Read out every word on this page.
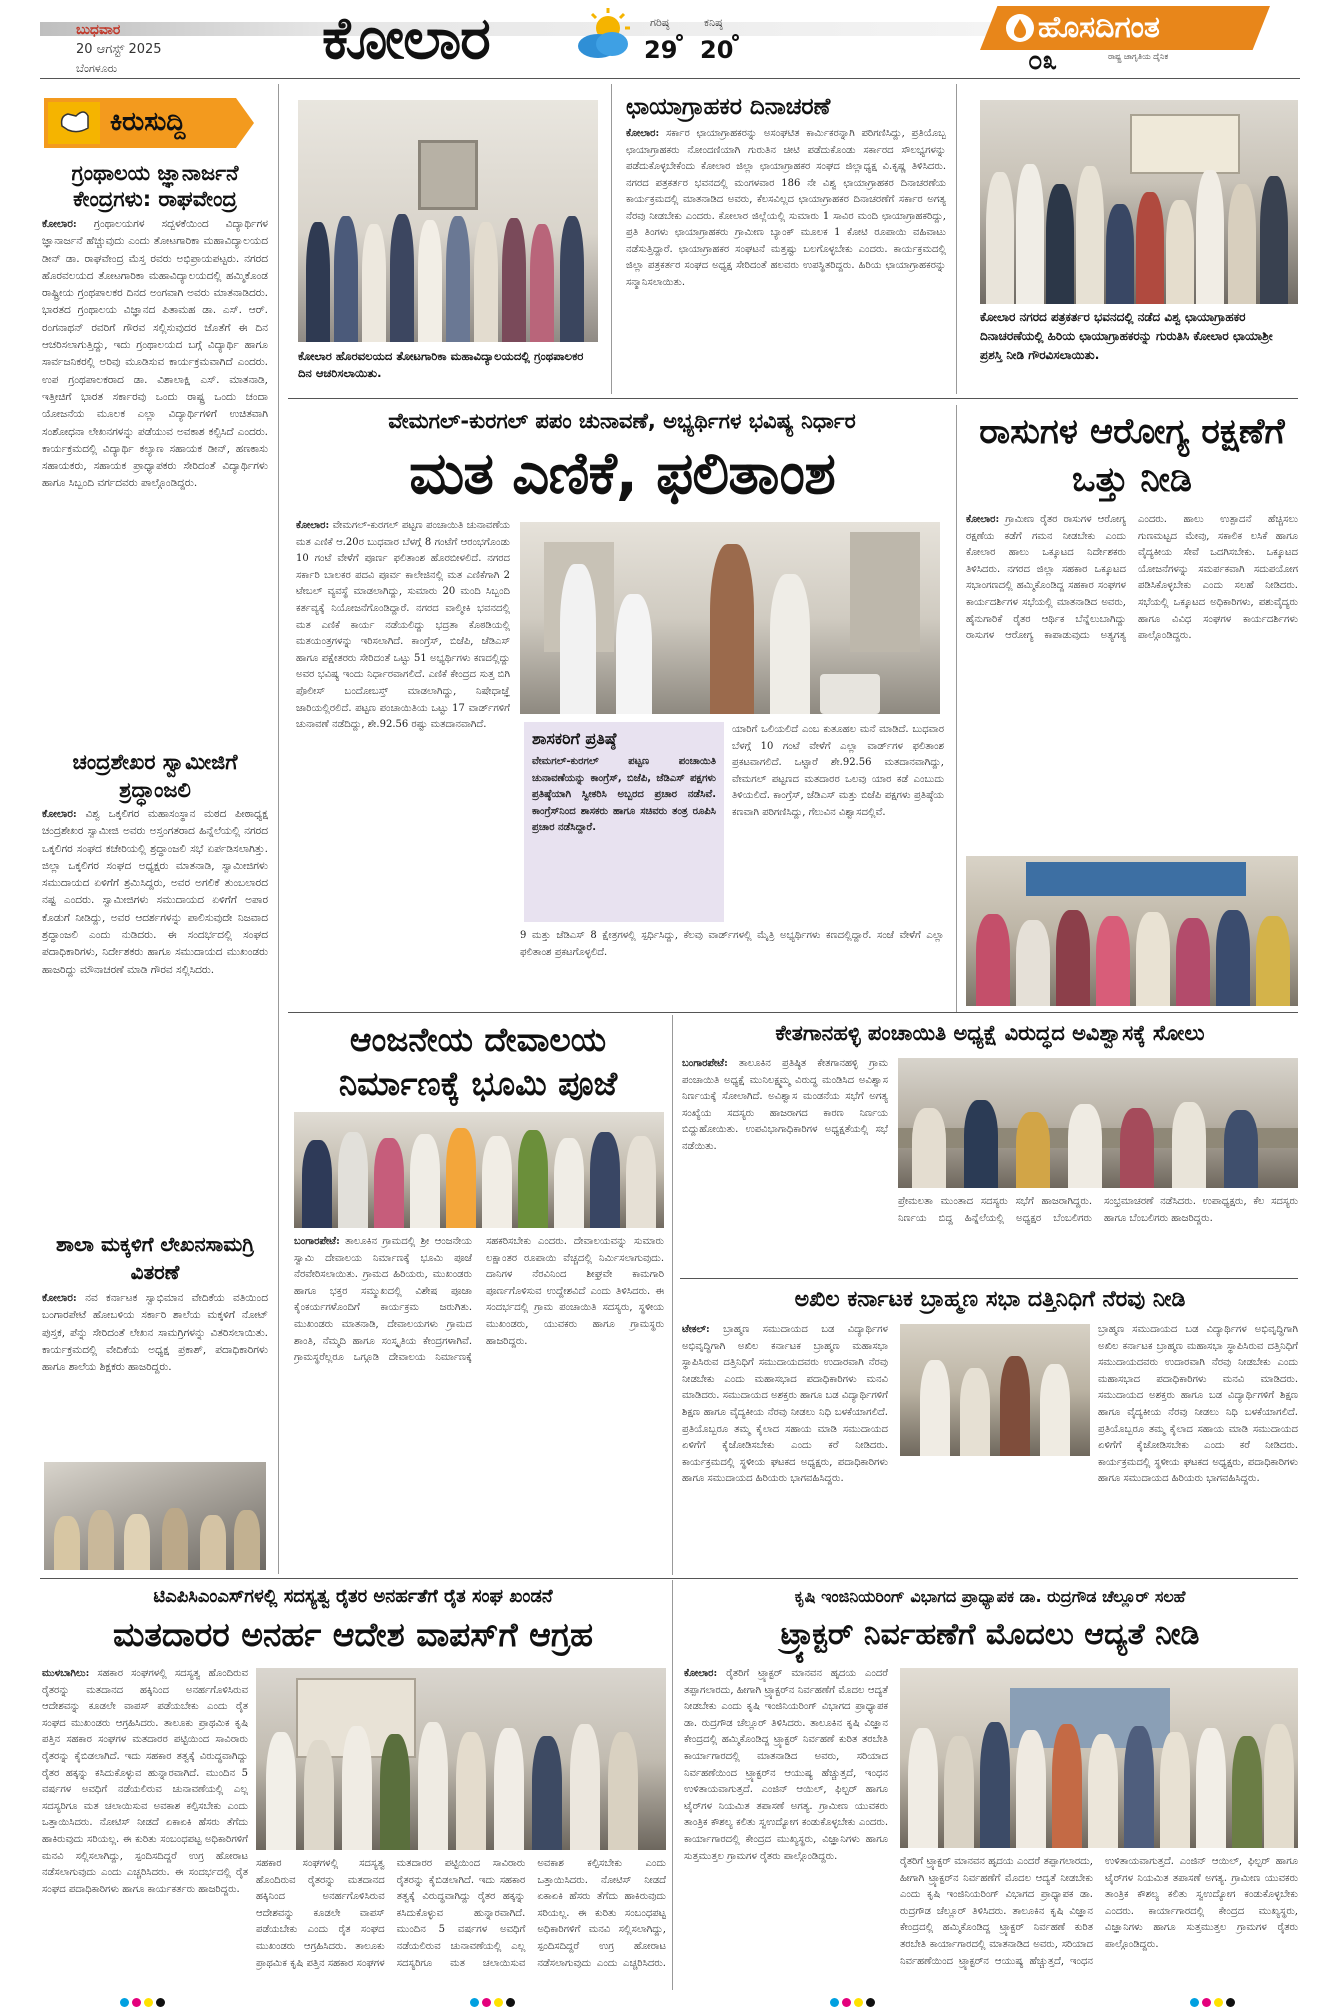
ಬುಧವಾರ
20 ಆಗಸ್ಟ್ 2025
ಬೆಂಗಳೂರು	ಕೋಲಾರ	ಗರಿಷ್ಠ
29
ಕನಿಷ್ಠ
20
ಹೊಸದಿಗಂತ
ರಾಷ್ಟ್ರ ಜಾಗೃತಿಯ ದೈನಿಕ
೦೩
ಕಿರುಸುದ್ದಿ
ಗ್ರಂಥಾಲಯ ಜ್ಞಾನಾರ್ಜನೆ ಕೇಂದ್ರಗಳು: ರಾಘವೇಂದ್ರ
ಕೋಲಾರ: ಗ್ರಂಥಾಲಯಗಳ ಸದ್ಬಳಕೆಯಿಂದ ವಿದ್ಯಾರ್ಥಿಗಳ ಜ್ಞಾನಾರ್ಜನೆ ಹೆಚ್ಚುವುದು ಎಂದು ತೋಟಗಾರಿಕಾ ಮಹಾವಿದ್ಯಾಲಯದ ಡೀನ್ ಡಾ. ರಾಘವೇಂದ್ರ ಮೆಸ್ತ ರವರು ಅಭಿಪ್ರಾಯಪಟ್ಟರು. ನಗರದ ಹೊರವಲಯದ ತೋಟಗಾರಿಕಾ ಮಹಾವಿದ್ಯಾಲಯದಲ್ಲಿ ಹಮ್ಮಿಕೊಂಡ ರಾಷ್ಟ್ರೀಯ ಗ್ರಂಥಪಾಲಕರ ದಿನದ ಅಂಗವಾಗಿ ಅವರು ಮಾತನಾಡಿದರು. ಭಾರತದ ಗ್ರಂಥಾಲಯ ವಿಜ್ಞಾನದ ಪಿತಾಮಹ ಡಾ. ಎಸ್. ಆರ್. ರಂಗನಾಥನ್ ರವರಿಗೆ ಗೌರವ ಸಲ್ಲಿಸುವುದರ ಜೊತೆಗೆ ಈ ದಿನ ಆಚರಿಸಲಾಗುತ್ತಿದ್ದು, ಇದು ಗ್ರಂಥಾಲಯದ ಬಗ್ಗೆ ವಿದ್ಯಾರ್ಥಿ ಹಾಗೂ ಸಾರ್ವಜನಿಕರಲ್ಲಿ ಅರಿವು ಮೂಡಿಸುವ ಕಾರ್ಯಕ್ರಮವಾಗಿದೆ ಎಂದರು. ಉಪ ಗ್ರಂಥಪಾಲಕರಾದ ಡಾ. ವಿಶಾಲಾಕ್ಷಿ ಎಸ್. ಮಾತನಾಡಿ, ಇತ್ತೀಚಿಗೆ ಭಾರತ ಸರ್ಕಾರವು ಒಂದು ರಾಷ್ಟ್ರ ಒಂದು ಚಂದಾ ಯೋಜನೆಯ ಮೂಲಕ ಎಲ್ಲಾ ವಿದ್ಯಾರ್ಥಿಗಳಿಗೆ ಉಚಿತವಾಗಿ ಸಂಶೋಧನಾ ಲೇಖನಗಳನ್ನು ಪಡೆಯುವ ಅವಕಾಶ ಕಲ್ಪಿಸಿದೆ ಎಂದರು. ಕಾರ್ಯಕ್ರಮದಲ್ಲಿ ವಿದ್ಯಾರ್ಥಿ ಕಲ್ಯಾಣ ಸಹಾಯಕ ಡೀನ್, ಹಣಕಾಸು ಸಹಾಯಕರು, ಸಹಾಯಕ ಪ್ರಾಧ್ಯಾಪಕರು ಸೇರಿದಂತೆ ವಿದ್ಯಾರ್ಥಿಗಳು ಹಾಗೂ ಸಿಬ್ಬಂದಿ ವರ್ಗದವರು ಪಾಲ್ಗೊಂಡಿದ್ದರು.
ಚಂದ್ರಶೇಖರ ಸ್ವಾಮೀಜಿಗೆ ಶ್ರದ್ಧಾಂಜಲಿ
ಕೋಲಾರ: ವಿಶ್ವ ಒಕ್ಕಲಿಗರ ಮಹಾಸಂಸ್ಥಾನ ಮಠದ ಪೀಠಾಧ್ಯಕ್ಷ ಚಂದ್ರಶೇಖರ ಸ್ವಾಮೀಜಿ ಅವರು ಅಸ್ತಂಗತರಾದ ಹಿನ್ನೆಲೆಯಲ್ಲಿ ನಗರದ ಒಕ್ಕಲಿಗರ ಸಂಘದ ಕಚೇರಿಯಲ್ಲಿ ಶ್ರದ್ಧಾಂಜಲಿ ಸಭೆ ಏರ್ಪಡಿಸಲಾಗಿತ್ತು. ಜಿಲ್ಲಾ ಒಕ್ಕಲಿಗರ ಸಂಘದ ಅಧ್ಯಕ್ಷರು ಮಾತನಾಡಿ, ಸ್ವಾಮೀಜಿಗಳು ಸಮುದಾಯದ ಏಳಿಗೆಗೆ ಶ್ರಮಿಸಿದ್ದರು, ಅವರ ಅಗಲಿಕೆ ತುಂಬಲಾರದ ನಷ್ಟ ಎಂದರು. ಸ್ವಾಮೀಜಿಗಳು ಸಮುದಾಯದ ಏಳಿಗೆಗೆ ಅಪಾರ ಕೊಡುಗೆ ನೀಡಿದ್ದು, ಅವರ ಆದರ್ಶಗಳನ್ನು ಪಾಲಿಸುವುದೇ ನಿಜವಾದ ಶ್ರದ್ಧಾಂಜಲಿ ಎಂದು ನುಡಿದರು. ಈ ಸಂದರ್ಭದಲ್ಲಿ ಸಂಘದ ಪದಾಧಿಕಾರಿಗಳು, ನಿರ್ದೇಶಕರು ಹಾಗೂ ಸಮುದಾಯದ ಮುಖಂಡರು ಹಾಜರಿದ್ದು ಮೌನಾಚರಣೆ ಮಾಡಿ ಗೌರವ ಸಲ್ಲಿಸಿದರು.
ಶಾಲಾ ಮಕ್ಕಳಿಗೆ ಲೇಖನಸಾಮಗ್ರಿ ವಿತರಣೆ
ಕೋಲಾರ: ನವ ಕರ್ನಾಟಕ ಸ್ವಾಭಿಮಾನ ವೇದಿಕೆಯ ವತಿಯಿಂದ ಬಂಗಾರಪೇಟೆ ಹೋಬಳಿಯ ಸರ್ಕಾರಿ ಶಾಲೆಯ ಮಕ್ಕಳಿಗೆ ನೋಟ್ ಪುಸ್ತಕ, ಪೆನ್ನು ಸೇರಿದಂತೆ ಲೇಖನ ಸಾಮಗ್ರಿಗಳನ್ನು ವಿತರಿಸಲಾಯಿತು. ಕಾರ್ಯಕ್ರಮದಲ್ಲಿ ವೇದಿಕೆಯ ಅಧ್ಯಕ್ಷ ಪ್ರಕಾಶ್, ಪದಾಧಿಕಾರಿಗಳು ಹಾಗೂ ಶಾಲೆಯ ಶಿಕ್ಷಕರು ಹಾಜರಿದ್ದರು.
ಕೋಲಾರ ಹೊರವಲಯದ ತೋಟಗಾರಿಕಾ ಮಹಾವಿದ್ಯಾಲಯದಲ್ಲಿ ಗ್ರಂಥಪಾಲಕರ ದಿನ ಆಚರಿಸಲಾಯಿತು.
ಛಾಯಾಗ್ರಾಹಕರ ದಿನಾಚರಣೆ
ಕೋಲಾರ: ಸರ್ಕಾರ ಛಾಯಾಗ್ರಾಹಕರನ್ನು ಅಸಂಘಟಿತ ಕಾರ್ಮಿಕರನ್ನಾಗಿ ಪರಿಗಣಿಸಿದ್ದು, ಪ್ರತಿಯೊಬ್ಬ ಛಾಯಾಗ್ರಾಹಕರು ನೋಂದಣಿಯಾಗಿ ಗುರುತಿನ ಚೀಟಿ ಪಡೆದುಕೊಂಡು ಸರ್ಕಾರದ ಸೌಲಭ್ಯಗಳನ್ನು ಪಡೆದುಕೊಳ್ಳಬೇಕೆಂದು ಕೋಲಾರ ಜಿಲ್ಲಾ ಛಾಯಾಗ್ರಾಹಕರ ಸಂಘದ ಜಿಲ್ಲಾಧ್ಯಕ್ಷ ವಿ.ಕೃಷ್ಣ ತಿಳಿಸಿದರು. ನಗರದ ಪತ್ರಕರ್ತರ ಭವನದಲ್ಲಿ ಮಂಗಳವಾರ 186 ನೇ ವಿಶ್ವ ಛಾಯಾಗ್ರಾಹಕರ ದಿನಾಚರಣೆಯ ಕಾರ್ಯಕ್ರಮದಲ್ಲಿ ಮಾತನಾಡಿದ ಅವರು, ಕೆಲಸವಿಲ್ಲದ ಛಾಯಾಗ್ರಾಹಕರ ದಿನಾಚರಣೆಗೆ ಸರ್ಕಾರ ಅಗತ್ಯ ನೆರವು ನೀಡಬೇಕು ಎಂದರು. ಕೋಲಾರ ಜಿಲ್ಲೆಯಲ್ಲಿ ಸುಮಾರು 1 ಸಾವಿರ ಮಂದಿ ಛಾಯಾಗ್ರಾಹಕರಿದ್ದು, ಪ್ರತಿ ತಿಂಗಳು ಛಾಯಾಗ್ರಾಹಕರು ಗ್ರಾಮೀಣ ಬ್ಯಾಂಕ್ ಮೂಲಕ 1 ಕೋಟಿ ರೂಪಾಯಿ ವಹಿವಾಟು ನಡೆಸುತ್ತಿದ್ದಾರೆ. ಛಾಯಾಗ್ರಾಹಕರ ಸಂಘಟನೆ ಮತ್ತಷ್ಟು ಬಲಗೊಳ್ಳಬೇಕು ಎಂದರು. ಕಾರ್ಯಕ್ರಮದಲ್ಲಿ ಜಿಲ್ಲಾ ಪತ್ರಕರ್ತರ ಸಂಘದ ಅಧ್ಯಕ್ಷ ಸೇರಿದಂತೆ ಹಲವರು ಉಪಸ್ಥಿತರಿದ್ದರು. ಹಿರಿಯ ಛಾಯಾಗ್ರಾಹಕರನ್ನು ಸನ್ಮಾನಿಸಲಾಯಿತು.
ಕೋಲಾರ ನಗರದ ಪತ್ರಕರ್ತರ ಭವನದಲ್ಲಿ ನಡೆದ ವಿಶ್ವ ಛಾಯಾಗ್ರಾಹಕರ ದಿನಾಚರಣೆಯಲ್ಲಿ ಹಿರಿಯ ಛಾಯಾಗ್ರಾಹಕರನ್ನು ಗುರುತಿಸಿ ಕೋಲಾರ ಛಾಯಾಶ್ರೀ ಪ್ರಶಸ್ತಿ ನೀಡಿ ಗೌರವಿಸಲಾಯಿತು.
ವೇಮಗಲ್-ಕುರಗಲ್ ಪಪಂ ಚುನಾವಣೆ, ಅಭ್ಯರ್ಥಿಗಳ ಭವಿಷ್ಯ ನಿರ್ಧಾರ
ಮತ ಎಣಿಕೆ, ಫಲಿತಾಂಶ
ಕೋಲಾರ: ವೇಮಗಲ್-ಕುರಗಲ್ ಪಟ್ಟಣ ಪಂಚಾಯಿತಿ ಚುನಾವಣೆಯ ಮತ ಎಣಿಕೆ ಆ.20ರ ಬುಧವಾರ ಬೆಳಗ್ಗೆ 8 ಗಂಟೆಗೆ ಆರಂಭಗೊಂಡು 10 ಗಂಟೆ ವೇಳೆಗೆ ಪೂರ್ಣ ಫಲಿತಾಂಶ ಹೊರಬೀಳಲಿದೆ. ನಗರದ ಸರ್ಕಾರಿ ಬಾಲಕರ ಪದವಿ ಪೂರ್ವ ಕಾಲೇಜಿನಲ್ಲಿ ಮತ ಎಣಿಕೆಗಾಗಿ 2 ಟೇಬಲ್ ವ್ಯವಸ್ಥೆ ಮಾಡಲಾಗಿದ್ದು, ಸುಮಾರು 20 ಮಂದಿ ಸಿಬ್ಬಂದಿ ಕರ್ತವ್ಯಕ್ಕೆ ನಿಯೋಜನೆಗೊಂಡಿದ್ದಾರೆ. ನಗರದ ವಾಲ್ಮೀಕಿ ಭವನದಲ್ಲಿ ಮತ ಎಣಿಕೆ ಕಾರ್ಯ ನಡೆಯಲಿದ್ದು ಭದ್ರತಾ ಕೊಠಡಿಯಲ್ಲಿ ಮತಯಂತ್ರಗಳನ್ನು ಇರಿಸಲಾಗಿದೆ. ಕಾಂಗ್ರೆಸ್, ಬಿಜೆಪಿ, ಜೆಡಿಎಸ್ ಹಾಗೂ ಪಕ್ಷೇತರರು ಸೇರಿದಂತೆ ಒಟ್ಟು 51 ಅಭ್ಯರ್ಥಿಗಳು ಕಣದಲ್ಲಿದ್ದು ಅವರ ಭವಿಷ್ಯ ಇಂದು ನಿರ್ಧಾರವಾಗಲಿದೆ. ಎಣಿಕೆ ಕೇಂದ್ರದ ಸುತ್ತ ಬಿಗಿ ಪೊಲೀಸ್ ಬಂದೋಬಸ್ತ್ ಮಾಡಲಾಗಿದ್ದು, ನಿಷೇಧಾಜ್ಞೆ ಜಾರಿಯಲ್ಲಿರಲಿದೆ. ಪಟ್ಟಣ ಪಂಚಾಯಿತಿಯ ಒಟ್ಟು 17 ವಾರ್ಡ್‌ಗಳಿಗೆ ಚುನಾವಣೆ ನಡೆದಿದ್ದು, ಶೇ.92.56 ರಷ್ಟು ಮತದಾನವಾಗಿದೆ.
ಶಾಸಕರಿಗೆ ಪ್ರತಿಷ್ಠೆ
ವೇಮಗಲ್-ಕುರಗಲ್ ಪಟ್ಟಣ ಪಂಚಾಯಿತಿ ಚುನಾವಣೆಯನ್ನು ಕಾಂಗ್ರೆಸ್, ಬಿಜೆಪಿ, ಜೆಡಿಎಸ್ ಪಕ್ಷಗಳು ಪ್ರತಿಷ್ಠೆಯಾಗಿ ಸ್ವೀಕರಿಸಿ ಅಬ್ಬರದ ಪ್ರಚಾರ ನಡೆಸಿವೆ. ಕಾಂಗ್ರೆಸ್‌ನಿಂದ ಶಾಸಕರು ಹಾಗೂ ಸಚಿವರು ತಂತ್ರ ರೂಪಿಸಿ ಪ್ರಚಾರ ನಡೆಸಿದ್ದಾರೆ.
ಯಾರಿಗೆ ಒಲಿಯಲಿದೆ ಎಂಬ ಕುತೂಹಲ ಮನೆ ಮಾಡಿದೆ. ಬುಧವಾರ ಬೆಳಗ್ಗೆ 10 ಗಂಟೆ ವೇಳೆಗೆ ಎಲ್ಲಾ ವಾರ್ಡ್‌ಗಳ ಫಲಿತಾಂಶ ಪ್ರಕಟವಾಗಲಿದೆ. ಒಟ್ಟಾರೆ ಶೇ.92.56 ಮತದಾನವಾಗಿದ್ದು, ವೇಮಗಲ್ ಪಟ್ಟಣದ ಮತದಾರರ ಒಲವು ಯಾರ ಕಡೆ ಎಂಬುದು ತಿಳಿಯಲಿದೆ. ಕಾಂಗ್ರೆಸ್, ಜೆಡಿಎಸ್ ಮತ್ತು ಬಿಜೆಪಿ ಪಕ್ಷಗಳು ಪ್ರತಿಷ್ಠೆಯ ಕಣವಾಗಿ ಪರಿಗಣಿಸಿದ್ದು, ಗೆಲುವಿನ ವಿಶ್ವಾಸದಲ್ಲಿವೆ.
9 ಮತ್ತು ಜೆಡಿಎಸ್ 8 ಕ್ಷೇತ್ರಗಳಲ್ಲಿ ಸ್ಪರ್ಧಿಸಿದ್ದು, ಕೆಲವು ವಾರ್ಡ್‌ಗಳಲ್ಲಿ ಮೈತ್ರಿ ಅಭ್ಯರ್ಥಿಗಳು ಕಣದಲ್ಲಿದ್ದಾರೆ. ಸಂಜೆ ವೇಳೆಗೆ ಎಲ್ಲಾ ಫಲಿತಾಂಶ ಪ್ರಕಟಗೊಳ್ಳಲಿದೆ.
ರಾಸುಗಳ ಆರೋಗ್ಯ ರಕ್ಷಣೆಗೆ ಒತ್ತು ನೀಡಿ
ಕೋಲಾರ: ಗ್ರಾಮೀಣ ರೈತರ ರಾಸುಗಳ ಆರೋಗ್ಯ ರಕ್ಷಣೆಯ ಕಡೆಗೆ ಗಮನ ನೀಡಬೇಕು ಎಂದು ಕೋಲಾರ ಹಾಲು ಒಕ್ಕೂಟದ ನಿರ್ದೇಶಕರು ತಿಳಿಸಿದರು. ನಗರದ ಜಿಲ್ಲಾ ಸಹಕಾರ ಒಕ್ಕೂಟದ ಸಭಾಂಗಣದಲ್ಲಿ ಹಮ್ಮಿಕೊಂಡಿದ್ದ ಸಹಕಾರ ಸಂಘಗಳ ಕಾರ್ಯದರ್ಶಿಗಳ ಸಭೆಯಲ್ಲಿ ಮಾತನಾಡಿದ ಅವರು, ಹೈನುಗಾರಿಕೆ ರೈತರ ಆರ್ಥಿಕ ಬೆನ್ನೆಲುಬಾಗಿದ್ದು ರಾಸುಗಳ ಆರೋಗ್ಯ ಕಾಪಾಡುವುದು ಅತ್ಯಗತ್ಯ ಎಂದರು. ಹಾಲು ಉತ್ಪಾದನೆ ಹೆಚ್ಚಿಸಲು ಗುಣಮಟ್ಟದ ಮೇವು, ಸಕಾಲಿಕ ಲಸಿಕೆ ಹಾಗೂ ವೈದ್ಯಕೀಯ ಸೇವೆ ಒದಗಿಸಬೇಕು. ಒಕ್ಕೂಟದ ಯೋಜನೆಗಳನ್ನು ಸಮರ್ಪಕವಾಗಿ ಸದುಪಯೋಗ ಪಡಿಸಿಕೊಳ್ಳಬೇಕು ಎಂದು ಸಲಹೆ ನೀಡಿದರು. ಸಭೆಯಲ್ಲಿ ಒಕ್ಕೂಟದ ಅಧಿಕಾರಿಗಳು, ಪಶುವೈದ್ಯರು ಹಾಗೂ ವಿವಿಧ ಸಂಘಗಳ ಕಾರ್ಯದರ್ಶಿಗಳು ಪಾಲ್ಗೊಂಡಿದ್ದರು.
ಆಂಜನೇಯ ದೇವಾಲಯ ನಿರ್ಮಾಣಕ್ಕೆ ಭೂಮಿ ಪೂಜೆ
ಬಂಗಾರಪೇಟೆ: ತಾಲೂಕಿನ ಗ್ರಾಮದಲ್ಲಿ ಶ್ರೀ ಆಂಜನೇಯ ಸ್ವಾಮಿ ದೇವಾಲಯ ನಿರ್ಮಾಣಕ್ಕೆ ಭೂಮಿ ಪೂಜೆ ನೆರವೇರಿಸಲಾಯಿತು. ಗ್ರಾಮದ ಹಿರಿಯರು, ಮುಖಂಡರು ಹಾಗೂ ಭಕ್ತರ ಸಮ್ಮುಖದಲ್ಲಿ ವಿಶೇಷ ಪೂಜಾ ಕೈಂಕರ್ಯಗಳೊಂದಿಗೆ ಕಾರ್ಯಕ್ರಮ ಜರುಗಿತು. ಮುಖಂಡರು ಮಾತನಾಡಿ, ದೇವಾಲಯಗಳು ಗ್ರಾಮದ ಶಾಂತಿ, ನೆಮ್ಮದಿ ಹಾಗೂ ಸಂಸ್ಕೃತಿಯ ಕೇಂದ್ರಗಳಾಗಿವೆ. ಗ್ರಾಮಸ್ಥರೆಲ್ಲರೂ ಒಗ್ಗೂಡಿ ದೇವಾಲಯ ನಿರ್ಮಾಣಕ್ಕೆ ಸಹಕರಿಸಬೇಕು ಎಂದರು. ದೇವಾಲಯವನ್ನು ಸುಮಾರು ಲಕ್ಷಾಂತರ ರೂಪಾಯಿ ವೆಚ್ಚದಲ್ಲಿ ನಿರ್ಮಿಸಲಾಗುವುದು. ದಾನಿಗಳ ನೆರವಿನಿಂದ ಶೀಘ್ರವೇ ಕಾಮಗಾರಿ ಪೂರ್ಣಗೊಳಿಸುವ ಉದ್ದೇಶವಿದೆ ಎಂದು ತಿಳಿಸಿದರು. ಈ ಸಂದರ್ಭದಲ್ಲಿ ಗ್ರಾಮ ಪಂಚಾಯಿತಿ ಸದಸ್ಯರು, ಸ್ಥಳೀಯ ಮುಖಂಡರು, ಯುವಕರು ಹಾಗೂ ಗ್ರಾಮಸ್ಥರು ಹಾಜರಿದ್ದರು.
ಕೇತಗಾನಹಳ್ಳಿ ಪಂಚಾಯಿತಿ ಅಧ್ಯಕ್ಷೆ ವಿರುದ್ಧದ ಅವಿಶ್ವಾಸಕ್ಕೆ ಸೋಲು
ಬಂಗಾರಪೇಟೆ: ತಾಲೂಕಿನ ಪ್ರತಿಷ್ಠಿತ ಕೇತಗಾನಹಳ್ಳಿ ಗ್ರಾಮ ಪಂಚಾಯಿತಿ ಅಧ್ಯಕ್ಷೆ ಮುನಿಲಕ್ಷ್ಮಮ್ಮ ವಿರುದ್ಧ ಮಂಡಿಸಿದ ಅವಿಶ್ವಾಸ ನಿರ್ಣಯಕ್ಕೆ ಸೋಲಾಗಿದೆ. ಅವಿಶ್ವಾಸ ಮಂಡನೆಯ ಸಭೆಗೆ ಅಗತ್ಯ ಸಂಖ್ಯೆಯ ಸದಸ್ಯರು ಹಾಜರಾಗದ ಕಾರಣ ನಿರ್ಣಯ ಬಿದ್ದುಹೋಯಿತು. ಉಪವಿಭಾಗಾಧಿಕಾರಿಗಳ ಅಧ್ಯಕ್ಷತೆಯಲ್ಲಿ ಸಭೆ ನಡೆಯಿತು.
ಪ್ರೇಮಲತಾ ಮುಂತಾದ ಸದಸ್ಯರು ಸಭೆಗೆ ಹಾಜರಾಗಿದ್ದರು. ನಿರ್ಣಯ ಬಿದ್ದ ಹಿನ್ನೆಲೆಯಲ್ಲಿ ಅಧ್ಯಕ್ಷರ ಬೆಂಬಲಿಗರು ಸಂಭ್ರಮಾಚರಣೆ ನಡೆಸಿದರು. ಉಪಾಧ್ಯಕ್ಷರು, ಕೆಲ ಸದಸ್ಯರು ಹಾಗೂ ಬೆಂಬಲಿಗರು ಹಾಜರಿದ್ದರು.
ಅಖಿಲ ಕರ್ನಾಟಕ ಬ್ರಾಹ್ಮಣ ಸಭಾ ದತ್ತಿನಿಧಿಗೆ ನೆರವು ನೀಡಿ
ಟೇಕಲ್: ಬ್ರಾಹ್ಮಣ ಸಮುದಾಯದ ಬಡ ವಿದ್ಯಾರ್ಥಿಗಳ ಅಭಿವೃದ್ಧಿಗಾಗಿ ಅಖಿಲ ಕರ್ನಾಟಕ ಬ್ರಾಹ್ಮಣ ಮಹಾಸಭಾ ಸ್ಥಾಪಿಸಿರುವ ದತ್ತಿನಿಧಿಗೆ ಸಮುದಾಯದವರು ಉದಾರವಾಗಿ ನೆರವು ನೀಡಬೇಕು ಎಂದು ಮಹಾಸಭಾದ ಪದಾಧಿಕಾರಿಗಳು ಮನವಿ ಮಾಡಿದರು. ಸಮುದಾಯದ ಅಶಕ್ತರು ಹಾಗೂ ಬಡ ವಿದ್ಯಾರ್ಥಿಗಳಿಗೆ ಶಿಕ್ಷಣ ಹಾಗೂ ವೈದ್ಯಕೀಯ ನೆರವು ನೀಡಲು ನಿಧಿ ಬಳಕೆಯಾಗಲಿದೆ. ಪ್ರತಿಯೊಬ್ಬರೂ ತಮ್ಮ ಕೈಲಾದ ಸಹಾಯ ಮಾಡಿ ಸಮುದಾಯದ ಏಳಿಗೆಗೆ ಕೈಜೋಡಿಸಬೇಕು ಎಂದು ಕರೆ ನೀಡಿದರು. ಕಾರ್ಯಕ್ರಮದಲ್ಲಿ ಸ್ಥಳೀಯ ಘಟಕದ ಅಧ್ಯಕ್ಷರು, ಪದಾಧಿಕಾರಿಗಳು ಹಾಗೂ ಸಮುದಾಯದ ಹಿರಿಯರು ಭಾಗವಹಿಸಿದ್ದರು.
ಬ್ರಾಹ್ಮಣ ಸಮುದಾಯದ ಬಡ ವಿದ್ಯಾರ್ಥಿಗಳ ಅಭಿವೃದ್ಧಿಗಾಗಿ ಅಖಿಲ ಕರ್ನಾಟಕ ಬ್ರಾಹ್ಮಣ ಮಹಾಸಭಾ ಸ್ಥಾಪಿಸಿರುವ ದತ್ತಿನಿಧಿಗೆ ಸಮುದಾಯದವರು ಉದಾರವಾಗಿ ನೆರವು ನೀಡಬೇಕು ಎಂದು ಮಹಾಸಭಾದ ಪದಾಧಿಕಾರಿಗಳು ಮನವಿ ಮಾಡಿದರು. ಸಮುದಾಯದ ಅಶಕ್ತರು ಹಾಗೂ ಬಡ ವಿದ್ಯಾರ್ಥಿಗಳಿಗೆ ಶಿಕ್ಷಣ ಹಾಗೂ ವೈದ್ಯಕೀಯ ನೆರವು ನೀಡಲು ನಿಧಿ ಬಳಕೆಯಾಗಲಿದೆ. ಪ್ರತಿಯೊಬ್ಬರೂ ತಮ್ಮ ಕೈಲಾದ ಸಹಾಯ ಮಾಡಿ ಸಮುದಾಯದ ಏಳಿಗೆಗೆ ಕೈಜೋಡಿಸಬೇಕು ಎಂದು ಕರೆ ನೀಡಿದರು. ಕಾರ್ಯಕ್ರಮದಲ್ಲಿ ಸ್ಥಳೀಯ ಘಟಕದ ಅಧ್ಯಕ್ಷರು, ಪದಾಧಿಕಾರಿಗಳು ಹಾಗೂ ಸಮುದಾಯದ ಹಿರಿಯರು ಭಾಗವಹಿಸಿದ್ದರು.
ಟಿಎಪಿಸಿಎಂಎಸ್‌ಗಳಲ್ಲಿ ಸದಸ್ಯತ್ವ ರೈತರ ಅನರ್ಹತೆಗೆ ರೈತ ಸಂಘ ಖಂಡನೆ
ಮತದಾರರ ಅನರ್ಹ ಆದೇಶ ವಾಪಸ್‌ಗೆ ಆಗ್ರಹ
ಮುಳಬಾಗಿಲು: ಸಹಕಾರ ಸಂಘಗಳಲ್ಲಿ ಸದಸ್ಯತ್ವ ಹೊಂದಿರುವ ರೈತರನ್ನು ಮತದಾನದ ಹಕ್ಕಿನಿಂದ ಅನರ್ಹಗೊಳಿಸಿರುವ ಆದೇಶವನ್ನು ಕೂಡಲೇ ವಾಪಸ್ ಪಡೆಯಬೇಕು ಎಂದು ರೈತ ಸಂಘದ ಮುಖಂಡರು ಆಗ್ರಹಿಸಿದರು. ತಾಲೂಕು ಪ್ರಾಥಮಿಕ ಕೃಷಿ ಪತ್ತಿನ ಸಹಕಾರ ಸಂಘಗಳ ಮತದಾರರ ಪಟ್ಟಿಯಿಂದ ಸಾವಿರಾರು ರೈತರನ್ನು ಕೈಬಿಡಲಾಗಿದೆ. ಇದು ಸಹಕಾರ ತತ್ವಕ್ಕೆ ವಿರುದ್ಧವಾಗಿದ್ದು ರೈತರ ಹಕ್ಕನ್ನು ಕಸಿದುಕೊಳ್ಳುವ ಹುನ್ನಾರವಾಗಿದೆ. ಮುಂದಿನ 5 ವರ್ಷಗಳ ಅವಧಿಗೆ ನಡೆಯಲಿರುವ ಚುನಾವಣೆಯಲ್ಲಿ ಎಲ್ಲ ಸದಸ್ಯರಿಗೂ ಮತ ಚಲಾಯಿಸುವ ಅವಕಾಶ ಕಲ್ಪಿಸಬೇಕು ಎಂದು ಒತ್ತಾಯಿಸಿದರು. ನೋಟಿಸ್ ನೀಡದೆ ಏಕಾಏಕಿ ಹೆಸರು ತೆಗೆದು ಹಾಕಿರುವುದು ಸರಿಯಲ್ಲ. ಈ ಕುರಿತು ಸಂಬಂಧಪಟ್ಟ ಅಧಿಕಾರಿಗಳಿಗೆ ಮನವಿ ಸಲ್ಲಿಸಲಾಗಿದ್ದು, ಸ್ಪಂದಿಸದಿದ್ದರೆ ಉಗ್ರ ಹೋರಾಟ ನಡೆಸಲಾಗುವುದು ಎಂದು ಎಚ್ಚರಿಸಿದರು. ಈ ಸಂದರ್ಭದಲ್ಲಿ ರೈತ ಸಂಘದ ಪದಾಧಿಕಾರಿಗಳು ಹಾಗೂ ಕಾರ್ಯಕರ್ತರು ಹಾಜರಿದ್ದರು.
ಸಹಕಾರ ಸಂಘಗಳಲ್ಲಿ ಸದಸ್ಯತ್ವ ಹೊಂದಿರುವ ರೈತರನ್ನು ಮತದಾನದ ಹಕ್ಕಿನಿಂದ ಅನರ್ಹಗೊಳಿಸಿರುವ ಆದೇಶವನ್ನು ಕೂಡಲೇ ವಾಪಸ್ ಪಡೆಯಬೇಕು ಎಂದು ರೈತ ಸಂಘದ ಮುಖಂಡರು ಆಗ್ರಹಿಸಿದರು. ತಾಲೂಕು ಪ್ರಾಥಮಿಕ ಕೃಷಿ ಪತ್ತಿನ ಸಹಕಾರ ಸಂಘಗಳ ಮತದಾರರ ಪಟ್ಟಿಯಿಂದ ಸಾವಿರಾರು ರೈತರನ್ನು ಕೈಬಿಡಲಾಗಿದೆ. ಇದು ಸಹಕಾರ ತತ್ವಕ್ಕೆ ವಿರುದ್ಧವಾಗಿದ್ದು ರೈತರ ಹಕ್ಕನ್ನು ಕಸಿದುಕೊಳ್ಳುವ ಹುನ್ನಾರವಾಗಿದೆ. ಮುಂದಿನ 5 ವರ್ಷಗಳ ಅವಧಿಗೆ ನಡೆಯಲಿರುವ ಚುನಾವಣೆಯಲ್ಲಿ ಎಲ್ಲ ಸದಸ್ಯರಿಗೂ ಮತ ಚಲಾಯಿಸುವ ಅವಕಾಶ ಕಲ್ಪಿಸಬೇಕು ಎಂದು ಒತ್ತಾಯಿಸಿದರು. ನೋಟಿಸ್ ನೀಡದೆ ಏಕಾಏಕಿ ಹೆಸರು ತೆಗೆದು ಹಾಕಿರುವುದು ಸರಿಯಲ್ಲ. ಈ ಕುರಿತು ಸಂಬಂಧಪಟ್ಟ ಅಧಿಕಾರಿಗಳಿಗೆ ಮನವಿ ಸಲ್ಲಿಸಲಾಗಿದ್ದು, ಸ್ಪಂದಿಸದಿದ್ದರೆ ಉಗ್ರ ಹೋರಾಟ ನಡೆಸಲಾಗುವುದು ಎಂದು ಎಚ್ಚರಿಸಿದರು.
ಕೃಷಿ ಇಂಜಿನಿಯರಿಂಗ್ ವಿಭಾಗದ ಪ್ರಾಧ್ಯಾಪಕ ಡಾ. ರುದ್ರಗೌಡ ಚೆಲ್ಲೂರ್ ಸಲಹೆ
ಟ್ರ್ಯಾಕ್ಟರ್ ನಿರ್ವಹಣೆಗೆ ಮೊದಲು ಆದ್ಯತೆ ನೀಡಿ
ಕೋಲಾರ: ರೈತರಿಗೆ ಟ್ರ್ಯಾಕ್ಟರ್ ಮಾನವನ ಹೃದಯ ಎಂದರೆ ತಪ್ಪಾಗಲಾರದು, ಹೀಗಾಗಿ ಟ್ರ್ಯಾಕ್ಟರ್‌ನ ನಿರ್ವಹಣೆಗೆ ಮೊದಲ ಆದ್ಯತೆ ನೀಡಬೇಕು ಎಂದು ಕೃಷಿ ಇಂಜಿನಿಯರಿಂಗ್ ವಿಭಾಗದ ಪ್ರಾಧ್ಯಾಪಕ ಡಾ. ರುದ್ರಗೌಡ ಚೆಲ್ಲೂರ್ ತಿಳಿಸಿದರು. ತಾಲೂಕಿನ ಕೃಷಿ ವಿಜ್ಞಾನ ಕೇಂದ್ರದಲ್ಲಿ ಹಮ್ಮಿಕೊಂಡಿದ್ದ ಟ್ರ್ಯಾಕ್ಟರ್ ನಿರ್ವಹಣೆ ಕುರಿತ ತರಬೇತಿ ಕಾರ್ಯಾಗಾರದಲ್ಲಿ ಮಾತನಾಡಿದ ಅವರು, ಸರಿಯಾದ ನಿರ್ವಹಣೆಯಿಂದ ಟ್ರ್ಯಾಕ್ಟರ್‌ನ ಆಯುಷ್ಯ ಹೆಚ್ಚುತ್ತದೆ, ಇಂಧನ ಉಳಿತಾಯವಾಗುತ್ತದೆ. ಎಂಜಿನ್ ಆಯಿಲ್, ಫಿಲ್ಟರ್ ಹಾಗೂ ಟೈರ್‌ಗಳ ನಿಯಮಿತ ತಪಾಸಣೆ ಅಗತ್ಯ. ಗ್ರಾಮೀಣ ಯುವಕರು ತಾಂತ್ರಿಕ ಕೌಶಲ್ಯ ಕಲಿತು ಸ್ವಉದ್ಯೋಗ ಕಂಡುಕೊಳ್ಳಬೇಕು ಎಂದರು. ಕಾರ್ಯಾಗಾರದಲ್ಲಿ ಕೇಂದ್ರದ ಮುಖ್ಯಸ್ಥರು, ವಿಜ್ಞಾನಿಗಳು ಹಾಗೂ ಸುತ್ತಮುತ್ತಲ ಗ್ರಾಮಗಳ ರೈತರು ಪಾಲ್ಗೊಂಡಿದ್ದರು.	ರೈತರಿಗೆ ಟ್ರ್ಯಾಕ್ಟರ್ ಮಾನವನ ಹೃದಯ ಎಂದರೆ ತಪ್ಪಾಗಲಾರದು, ಹೀಗಾಗಿ ಟ್ರ್ಯಾಕ್ಟರ್‌ನ ನಿರ್ವಹಣೆಗೆ ಮೊದಲ ಆದ್ಯತೆ ನೀಡಬೇಕು ಎಂದು ಕೃಷಿ ಇಂಜಿನಿಯರಿಂಗ್ ವಿಭಾಗದ ಪ್ರಾಧ್ಯಾಪಕ ಡಾ. ರುದ್ರಗೌಡ ಚೆಲ್ಲೂರ್ ತಿಳಿಸಿದರು. ತಾಲೂಕಿನ ಕೃಷಿ ವಿಜ್ಞಾನ ಕೇಂದ್ರದಲ್ಲಿ ಹಮ್ಮಿಕೊಂಡಿದ್ದ ಟ್ರ್ಯಾಕ್ಟರ್ ನಿರ್ವಹಣೆ ಕುರಿತ ತರಬೇತಿ ಕಾರ್ಯಾಗಾರದಲ್ಲಿ ಮಾತನಾಡಿದ ಅವರು, ಸರಿಯಾದ ನಿರ್ವಹಣೆಯಿಂದ ಟ್ರ್ಯಾಕ್ಟರ್‌ನ ಆಯುಷ್ಯ ಹೆಚ್ಚುತ್ತದೆ, ಇಂಧನ ಉಳಿತಾಯವಾಗುತ್ತದೆ. ಎಂಜಿನ್ ಆಯಿಲ್, ಫಿಲ್ಟರ್ ಹಾಗೂ ಟೈರ್‌ಗಳ ನಿಯಮಿತ ತಪಾಸಣೆ ಅಗತ್ಯ. ಗ್ರಾಮೀಣ ಯುವಕರು ತಾಂತ್ರಿಕ ಕೌಶಲ್ಯ ಕಲಿತು ಸ್ವಉದ್ಯೋಗ ಕಂಡುಕೊಳ್ಳಬೇಕು ಎಂದರು. ಕಾರ್ಯಾಗಾರದಲ್ಲಿ ಕೇಂದ್ರದ ಮುಖ್ಯಸ್ಥರು, ವಿಜ್ಞಾನಿಗಳು ಹಾಗೂ ಸುತ್ತಮುತ್ತಲ ಗ್ರಾಮಗಳ ರೈತರು ಪಾಲ್ಗೊಂಡಿದ್ದರು.
